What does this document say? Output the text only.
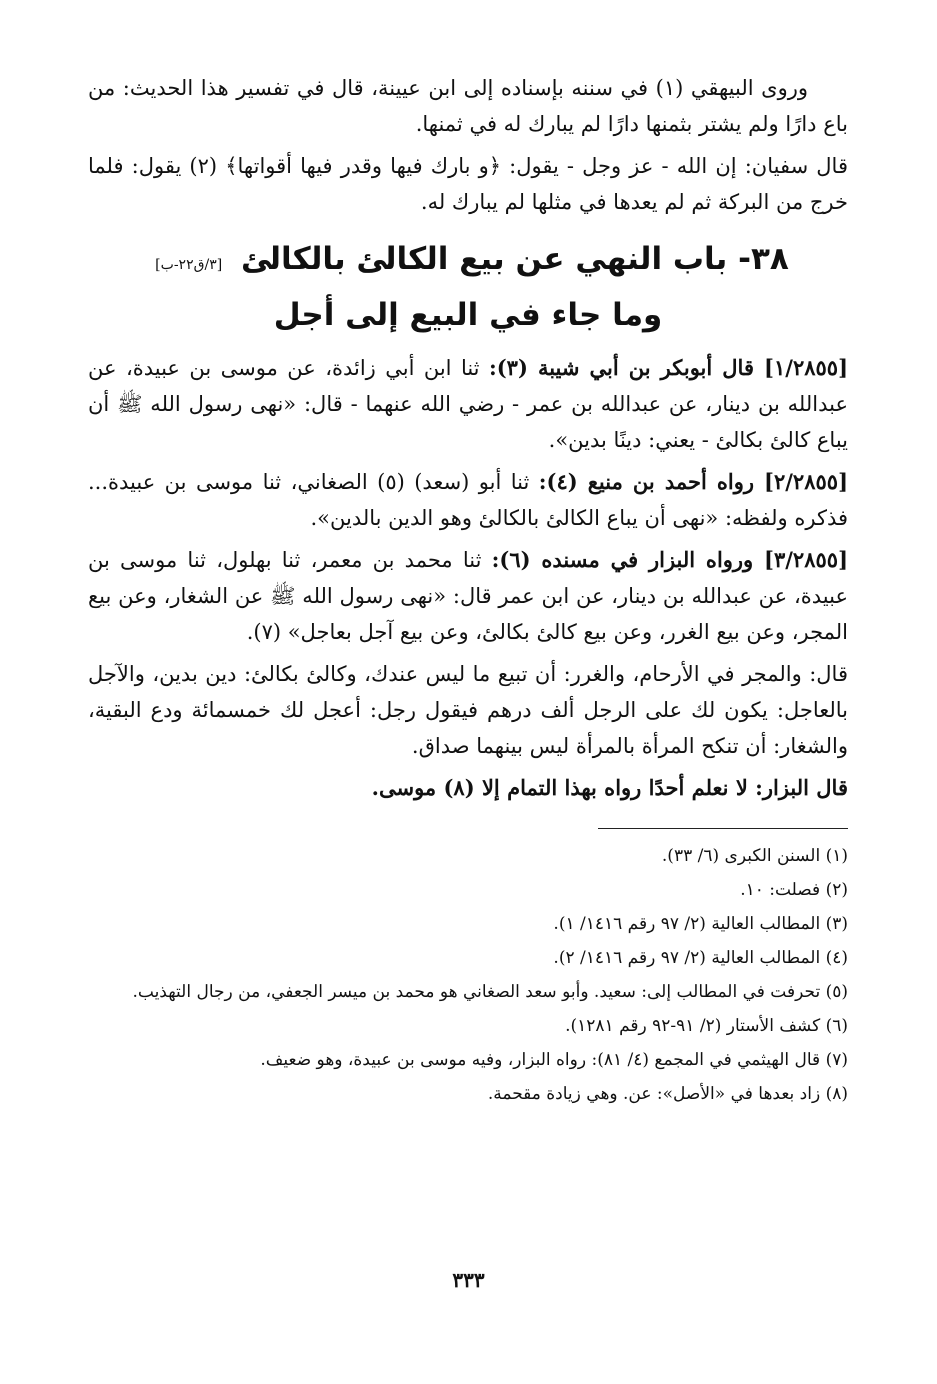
وروى البيهقي (١) في سننه بإسناده إلى ابن عيينة، قال في تفسير هذا الحديث: من باع دارًا ولم يشتر بثمنها دارًا لم يبارك له في ثمنها.

قال سفيان: إن الله - عز وجل - يقول: ﴿و بارك فيها وقدر فيها أقواتها﴾ (٢) يقول: فلما خرج من البركة ثم لم يعدها في مثلها لم يبارك له.

٣٨- باب النهي عن بيع الكالئ بالكالئ [٣/ق٢٢-ب]
وما جاء في البيع إلى أجل

[١/٢٨٥٥] قال أبوبكر بن أبي شيبة (٣): ثنا ابن أبي زائدة، عن موسى بن عبيدة، عن عبدالله بن دينار، عن عبدالله بن عمر - رضي الله عنهما - قال: «نهى رسول الله ﷺ أن يباع كالئ بكالئ - يعني: دينًا بدين».

[٢/٢٨٥٥] رواه أحمد بن منيع (٤): ثنا أبو (سعد) (٥) الصغاني، ثنا موسى بن عبيدة... فذكره ولفظه: «نهى أن يباع الكالئ بالكالئ وهو الدين بالدين».

[٣/٢٨٥٥] ورواه البزار في مسنده (٦): ثنا محمد بن معمر، ثنا بهلول، ثنا موسى بن عبيدة، عن عبدالله بن دينار، عن ابن عمر قال: «نهى رسول الله ﷺ عن الشغار، وعن بيع المجر، وعن بيع الغرر، وعن بيع كالئ بكالئ، وعن بيع آجل بعاجل» (٧).

قال: والمجر في الأرحام، والغرر: أن تبيع ما ليس عندك، وكالئ بكالئ: دين بدين، والآجل بالعاجل: يكون لك على الرجل ألف درهم فيقول رجل: أعجل لك خمسمائة ودع البقية، والشغار: أن تنكح المرأة بالمرأة ليس بينهما صداق.

قال البزار: لا نعلم أحدًا رواه بهذا التمام إلا (٨) موسى.

(١) السنن الكبرى (٦/ ٣٣).

(٢) فصلت: ١٠.

(٣) المطالب العالية (٢/ ٩٧ رقم ١٤١٦/ ١).

(٤) المطالب العالية (٢/ ٩٧ رقم ١٤١٦/ ٢).

(٥) تحرفت في المطالب إلى: سعيد. وأبو سعد الصغاني هو محمد بن ميسر الجعفي، من رجال التهذيب.

(٦) كشف الأستار (٢/ ٩١-٩٢ رقم ١٢٨١).

(٧) قال الهيثمي في المجمع (٤/ ٨١): رواه البزار، وفيه موسى بن عبيدة، وهو ضعيف.

(٨) زاد بعدها في «الأصل»: عن. وهي زيادة مقحمة.

٣٣٣
